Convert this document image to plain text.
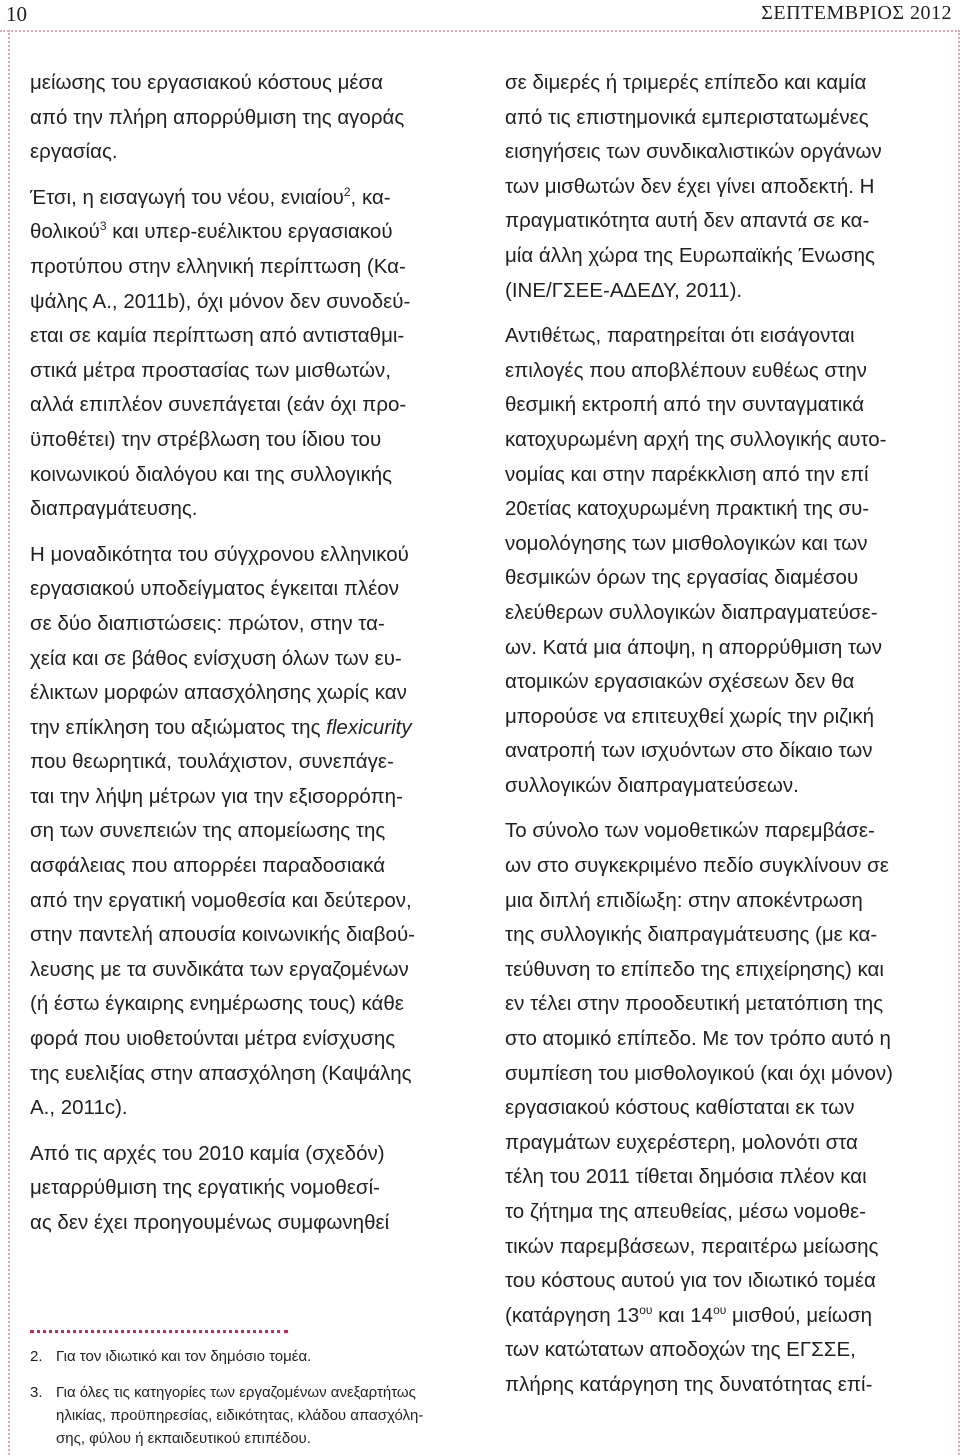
10	ΣΕΠΤΕΜΒΡΙΟΣ 2012
μείωσης του εργασιακού κόστους μέσα
από την πλήρη απορρύθμιση της αγοράς
εργασίας.
Έτσι, η εισαγωγή του νέου, ενιαίου$^2$, κα-
θολικού$^3$ και υπερ-ευέλικτου εργασιακού
προτύπου στην ελληνική περίπτωση (Κα-
ψάλης Α., 2011b), όχι μόνον δεν συνοδεύ-
εται σε καμία περίπτωση από αντισταθμι-
στικά μέτρα προστασίας των μισθωτών,
αλλά επιπλέον συνεπάγεται (εάν όχι προ-
ϋποθέτει) την στρέβλωση του ίδιου του
κοινωνικού διαλόγου και της συλλογικής
διαπραγμάτευσης.
Η μοναδικότητα του σύγχρονου ελληνικού
εργασιακού υποδείγματος έγκειται πλέον
σε δύο διαπιστώσεις: πρώτον, στην τα-
χεία και σε βάθος ενίσχυση όλων των ευ-
έλικτων μορφών απασχόλησης χωρίς καν
την επίκληση του αξιώματος της flexicurity
που θεωρητικά, τουλάχιστον, συνεπάγε-
ται την λήψη μέτρων για την εξισορρόπη-
ση των συνεπειών της απομείωσης της
ασφάλειας που απορρέει παραδοσιακά
από την εργατική νομοθεσία και δεύτερον,
στην παντελή απουσία κοινωνικής διαβού-
λευσης με τα συνδικάτα των εργαζομένων
(ή έστω έγκαιρης ενημέρωσης τους) κάθε
φορά που υιοθετούνται μέτρα ενίσχυσης
της ευελιξίας στην απασχόληση (Καψάλης
Α., 2011c).
Από τις αρχές του 2010 καμία (σχεδόν)
μεταρρύθμιση της εργατικής νομοθεσί-
ας δεν έχει προηγουμένως συμφωνηθεί
σε διμερές ή τριμερές επίπεδο και καμία
από τις επιστημονικά εμπεριστατωμένες
εισηγήσεις των συνδικαλιστικών οργάνων
των μισθωτών δεν έχει γίνει αποδεκτή. Η
πραγματικότητα αυτή δεν απαντά σε κα-
μία άλλη χώρα της Ευρωπαϊκής Ένωσης
(ΙΝΕ/ΓΣΕΕ-ΑΔΕΔΥ, 2011).
Αντιθέτως, παρατηρείται ότι εισάγονται
επιλογές που αποβλέπουν ευθέως στην
θεσμική εκτροπή από την συνταγματικά
κατοχυρωμένη αρχή της συλλογικής αυτο-
νομίας και στην παρέκκλιση από την επί
20ετίας κατοχυρωμένη πρακτική της συ-
νομολόγησης των μισθολογικών και των
θεσμικών όρων της εργασίας διαμέσου
ελεύθερων συλλογικών διαπραγματεύσε-
ων. Κατά μια άποψη, η απορρύθμιση των
ατομικών εργασιακών σχέσεων δεν θα
μπορούσε να επιτευχθεί χωρίς την ριζική
ανατροπή των ισχυόντων στο δίκαιο των
συλλογικών διαπραγματεύσεων.
Το σύνολο των νομοθετικών παρεμβάσε-
ων στο συγκεκριμένο πεδίο συγκλίνουν σε
μια διπλή επιδίωξη: στην αποκέντρωση
της συλλογικής διαπραγμάτευσης (με κα-
τεύθυνση το επίπεδο της επιχείρησης) και
εν τέλει στην προοδευτική μετατόπιση της
στο ατομικό επίπεδο. Με τον τρόπο αυτό η
συμπίεση του μισθολογικού (και όχι μόνον)
εργασιακού κόστους καθίσταται εκ των
πραγμάτων ευχερέστερη, μολονότι στα
τέλη του 2011 τίθεται δημόσια πλέον και
το ζήτημα της απευθείας, μέσω νομοθε-
τικών παρεμβάσεων, περαιτέρω μείωσης
του κόστους αυτού για τον ιδιωτικό τομέα
(κατάργηση $13^{o\upsilon}$ και $14^{o\upsilon}$ μισθού, μείωση
των κατώτατων αποδοχών της ΕΓΣΣΕ,
πλήρης κατάργηση της δυνατότητας επί-
2. Για τον ιδιωτικό και τον δημόσιο τομέα.
3. Για όλες τις κατηγορίες των εργαζομένων ανεξαρτήτως
ηλικίας, προϋπηρεσίας, ειδικότητας, κλάδου απασχόλη-
σης, φύλου ή εκπαιδευτικού επιπέδου.
